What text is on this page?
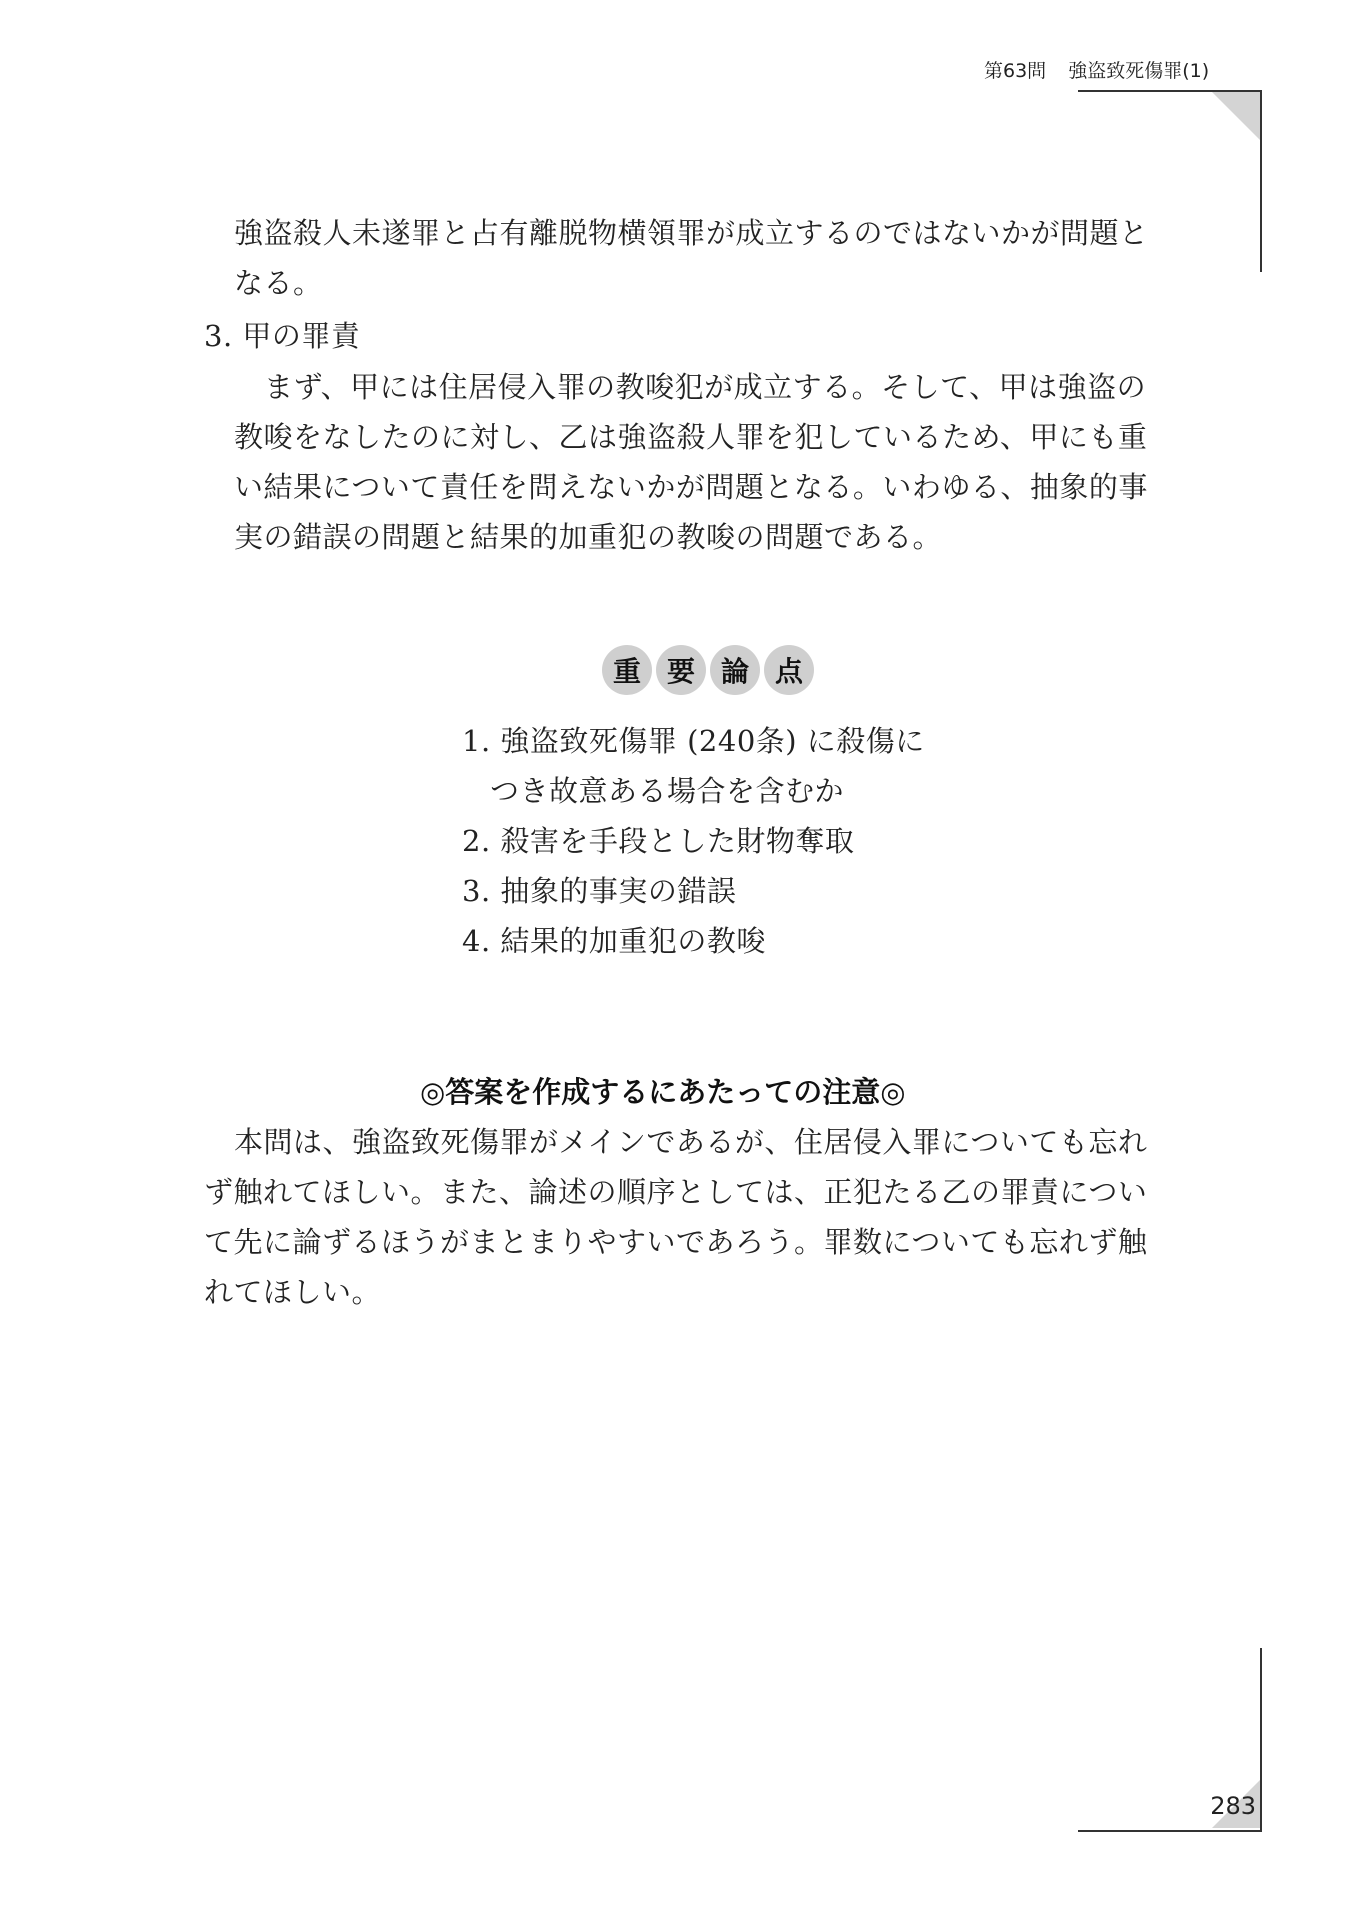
第63問 強盗致死傷罪(1)
強盗殺人未遂罪と占有離脱物横領罪が成立するのではないかが問題と
なる。
3. 甲の罪責
まず、甲には住居侵入罪の教唆犯が成立する。そして、甲は強盗の
教唆をなしたのに対し、乙は強盗殺人罪を犯しているため、甲にも重
い結果について責任を問えないかが問題となる。いわゆる、抽象的事
実の錯誤の問題と結果的加重犯の教唆の問題である。
重 要 論 点
1. 強盗致死傷罪 (240条) に殺傷に
つき故意ある場合を含むか
2. 殺害を手段とした財物奪取
3. 抽象的事実の錯誤
4. 結果的加重犯の教唆
◎答案を作成するにあたっての注意◎
本問は、強盗致死傷罪がメインであるが、住居侵入罪についても忘れ
ず触れてほしい。また、論述の順序としては、正犯たる乙の罪責につい
て先に論ずるほうがまとまりやすいであろう。罪数についても忘れず触
れてほしい。
283
